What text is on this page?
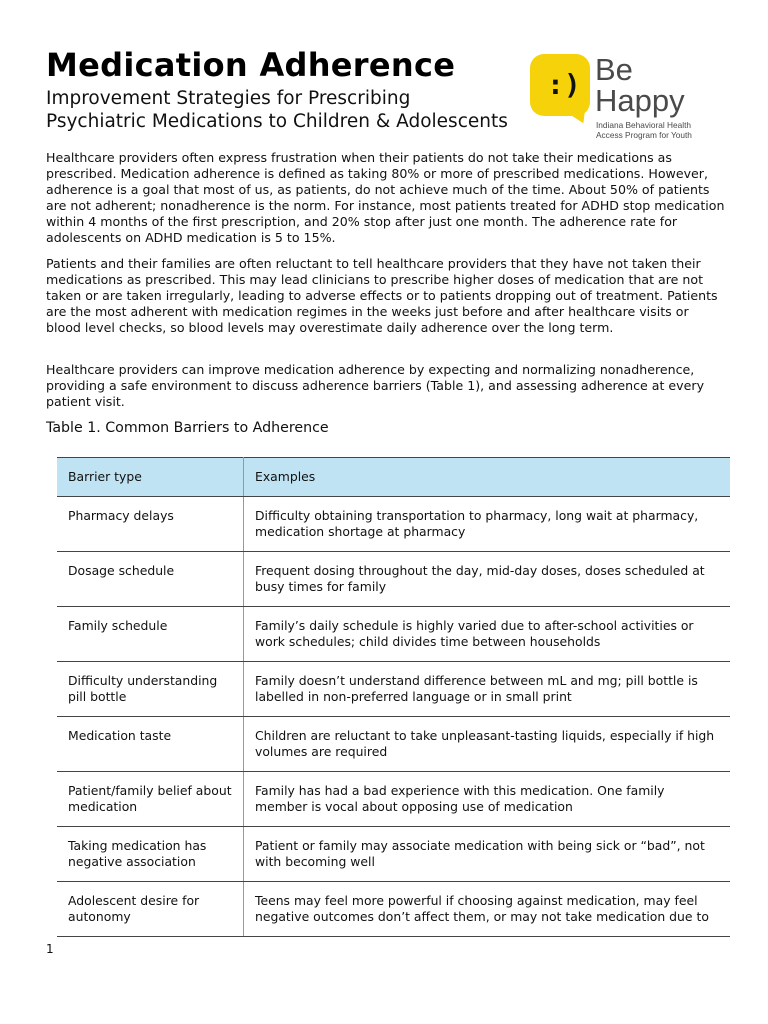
Medication Adherence
Improvement Strategies for Prescribing
Psychiatric Medications to Children & Adolescents
:) Be
Happy
Indiana Behavioral Health
Access Program for Youth

Healthcare providers often express frustration when their patients do not take their medications as prescribed. Medication adherence is defined as taking 80% or more of prescribed medications. However, adherence is a goal that most of us, as patients, do not achieve much of the time. About 50% of patients are not adherent; nonadherence is the norm. For instance, most patients treated for ADHD stop medication within 4 months of the first prescription, and 20% stop after just one month. The adherence rate for adolescents on ADHD medication is 5 to 15%.

Patients and their families are often reluctant to tell healthcare providers that they have not taken their medications as prescribed. This may lead clinicians to prescribe higher doses of medication that are not taken or are taken irregularly, leading to adverse effects or to patients dropping out of treatment. Patients are the most adherent with medication regimes in the weeks just before and after healthcare visits or blood level checks, so blood levels may overestimate daily adherence over the long term.

Healthcare providers can improve medication adherence by expecting and normalizing nonadherence, providing a safe environment to discuss adherence barriers (Table 1), and assessing adherence at every patient visit.

Table 1. Common Barriers to Adherence

Barrier type	Examples
Pharmacy delays	Difficulty obtaining transportation to pharmacy, long wait at pharmacy, medication shortage at pharmacy
Dosage schedule	Frequent dosing throughout the day, mid-day doses, doses scheduled at busy times for family
Family schedule	Family’s daily schedule is highly varied due to after-school activities or work schedules; child divides time between households
Difficulty understanding pill bottle	Family doesn’t understand difference between mL and mg; pill bottle is labelled in non-preferred language or in small print
Medication taste	Children are reluctant to take unpleasant-tasting liquids, especially if high volumes are required
Patient/family belief about medication	Family has had a bad experience with this medication. One family member is vocal about opposing use of medication
Taking medication has negative association	Patient or family may associate medication with being sick or “bad”, not with becoming well
Adolescent desire for autonomy	Teens may feel more powerful if choosing against medication, may feel negative outcomes don’t affect them, or may not take medication due to
1
